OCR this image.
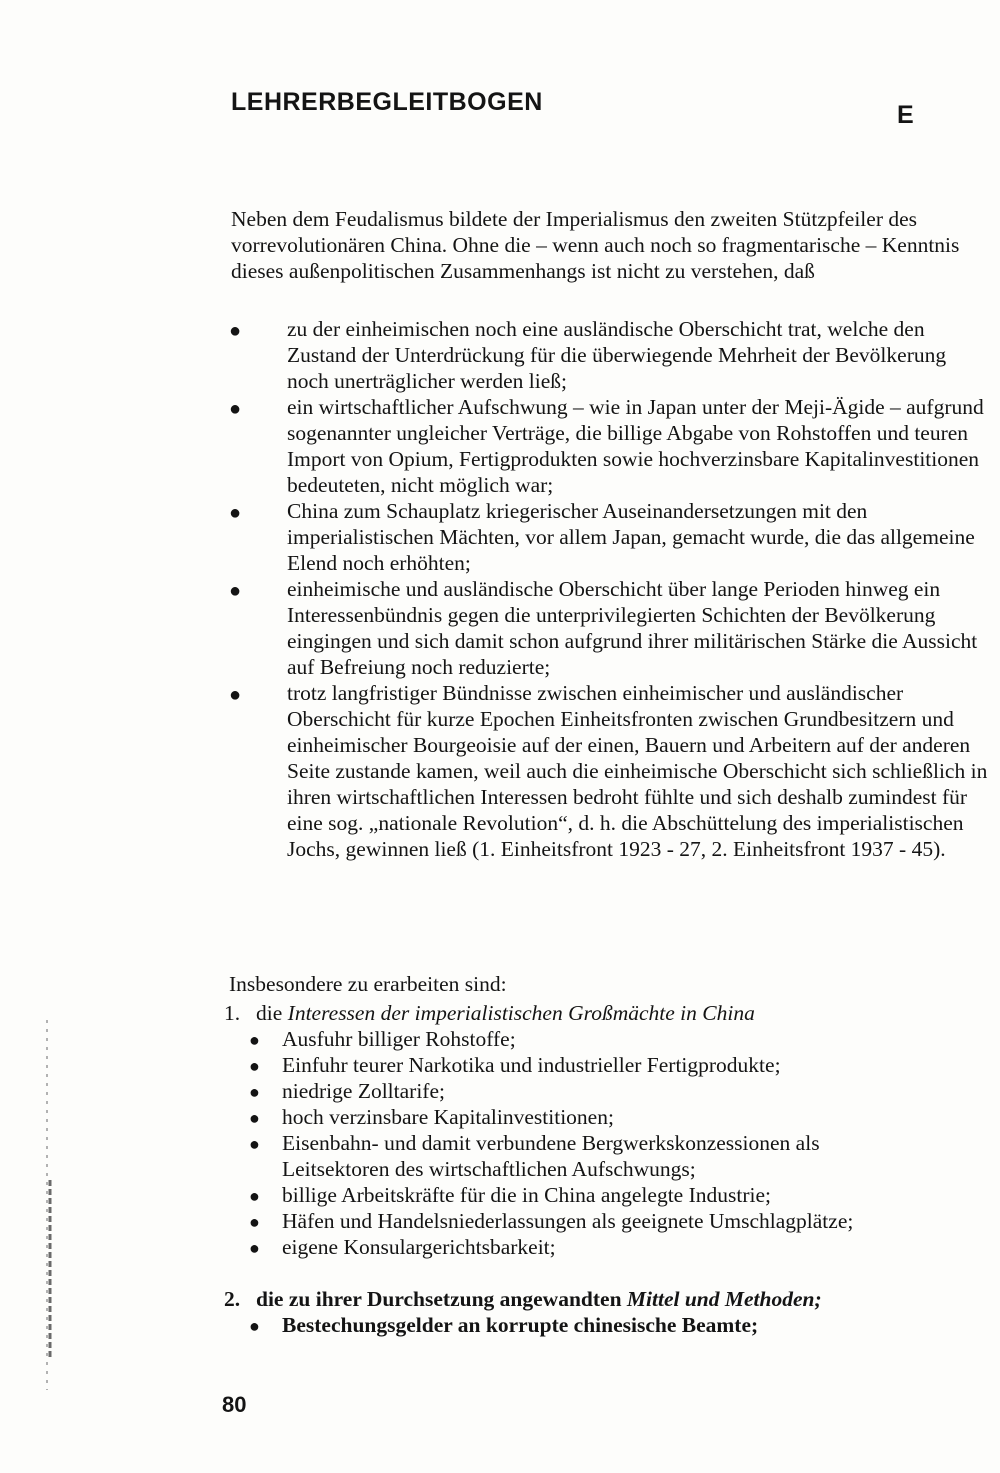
LEHRERBEGLEITBOGEN	E

Neben dem Feudalismus bildete der Imperialismus den zweiten Stützpfeiler des vorrevolutionären China. Ohne die – wenn auch noch so fragmentarische – Kenntnis dieses außenpolitischen Zusammenhangs ist nicht zu verstehen, daß

● zu der einheimischen noch eine ausländische Oberschicht trat, welche den Zustand der Unterdrückung für die überwiegende Mehrheit der Bevölkerung noch unerträglicher werden ließ;
● ein wirtschaftlicher Aufschwung – wie in Japan unter der Meji-Ägide – aufgrund sogenannter ungleicher Verträge, die billige Abgabe von Rohstoffen und teuren Import von Opium, Fertigprodukten sowie hochverzinsbare Kapitalinvestitionen bedeuteten, nicht möglich war;
● China zum Schauplatz kriegerischer Auseinandersetzungen mit den imperialistischen Mächten, vor allem Japan, gemacht wurde, die das allgemeine Elend noch erhöhten;
● einheimische und ausländische Oberschicht über lange Perioden hinweg ein Interessenbündnis gegen die unterprivilegierten Schichten der Bevölkerung eingingen und sich damit schon aufgrund ihrer militärischen Stärke die Aussicht auf Befreiung noch reduzierte;
● trotz langfristiger Bündnisse zwischen einheimischer und ausländischer Oberschicht für kurze Epochen Einheitsfronten zwischen Grundbesitzern und einheimischer Bourgeoisie auf der einen, Bauern und Arbeitern auf der anderen Seite zustande kamen, weil auch die einheimische Oberschicht sich schließlich in ihren wirtschaftlichen Interessen bedroht fühlte und sich deshalb zumindest für eine sog. „nationale Revolution“, d. h. die Abschüttelung des imperialistischen Jochs, gewinnen ließ (1. Einheitsfront 1923 - 27, 2. Einheitsfront 1937 - 45).
Insbesondere zu erarbeiten sind:
1. die Interessen der imperialistischen Großmächte in China
● Ausfuhr billiger Rohstoffe;
● Einfuhr teurer Narkotika und industrieller Fertigprodukte;
● niedrige Zolltarife;
● hoch verzinsbare Kapitalinvestitionen;
● Eisenbahn- und damit verbundene Bergwerkskonzessionen als Leitsektoren des wirtschaftlichen Aufschwungs;
● billige Arbeitskräfte für die in China angelegte Industrie;
● Häfen und Handelsniederlassungen als geeignete Umschlagplätze;
● eigene Konsulargerichtsbarkeit;
2. die zu ihrer Durchsetzung angewandten Mittel und Methoden;
● Bestechungsgelder an korrupte chinesische Beamte;
80
